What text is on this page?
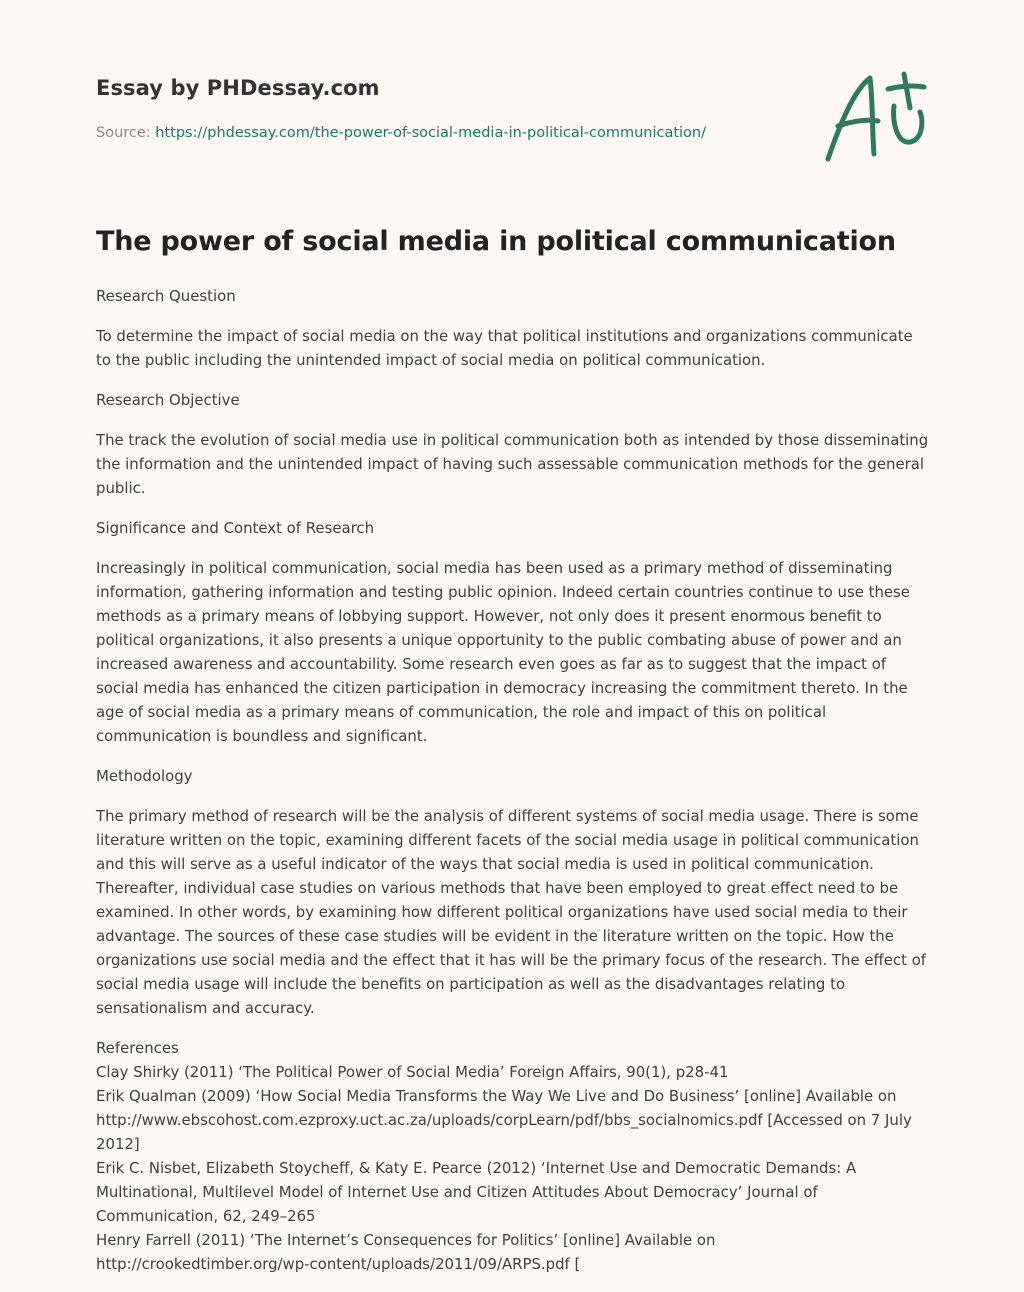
Essay by PHDessay.com

Source: https://phdessay.com/the-power-of-social-media-in-political-communication/

The power of social media in political communication

Research Question

To determine the impact of social media on the way that political institutions and organizations communicate to the public including the unintended impact of social media on political communication.

Research Objective

The track the evolution of social media use in political communication both as intended by those disseminating the information and the unintended impact of having such assessable communication methods for the general public.

Significance and Context of Research

Increasingly in political communication, social media has been used as a primary method of disseminating information, gathering information and testing public opinion. Indeed certain countries continue to use these methods as a primary means of lobbying support. However, not only does it present enormous benefit to political organizations, it also presents a unique opportunity to the public combating abuse of power and an increased awareness and accountability. Some research even goes as far as to suggest that the impact of social media has enhanced the citizen participation in democracy increasing the commitment thereto. In the age of social media as a primary means of communication, the role and impact of this on political communication is boundless and significant.

Methodology

The primary method of research will be the analysis of different systems of social media usage. There is some literature written on the topic, examining different facets of the social media usage in political communication and this will serve as a useful indicator of the ways that social media is used in political communication. Thereafter, individual case studies on various methods that have been employed to great effect need to be examined. In other words, by examining how different political organizations have used social media to their advantage. The sources of these case studies will be evident in the literature written on the topic. How the organizations use social media and the effect that it has will be the primary focus of the research. The effect of social media usage will include the benefits on participation as well as the disadvantages relating to sensationalism and accuracy.

References
Clay Shirky (2011) ‘The Political Power of Social Media’ Foreign Affairs, 90(1), p28-41
Erik Qualman (2009) ‘How Social Media Transforms the Way We Live and Do Business’ [online] Available on http://www.ebscohost.com.ezproxy.uct.ac.za/uploads/corpLearn/pdf/bbs_socialnomics.pdf [Accessed on 7 July 2012]
Erik C. Nisbet, Elizabeth Stoycheff, & Katy E. Pearce (2012) ‘Internet Use and Democratic Demands: A Multinational, Multilevel Model of Internet Use and Citizen Attitudes About Democracy’ Journal of Communication, 62, 249–265
Henry Farrell (2011) ‘The Internet’s Consequences for Politics’ [online] Available on http://crookedtimber.org/wp-content/uploads/2011/09/ARPS.pdf [
